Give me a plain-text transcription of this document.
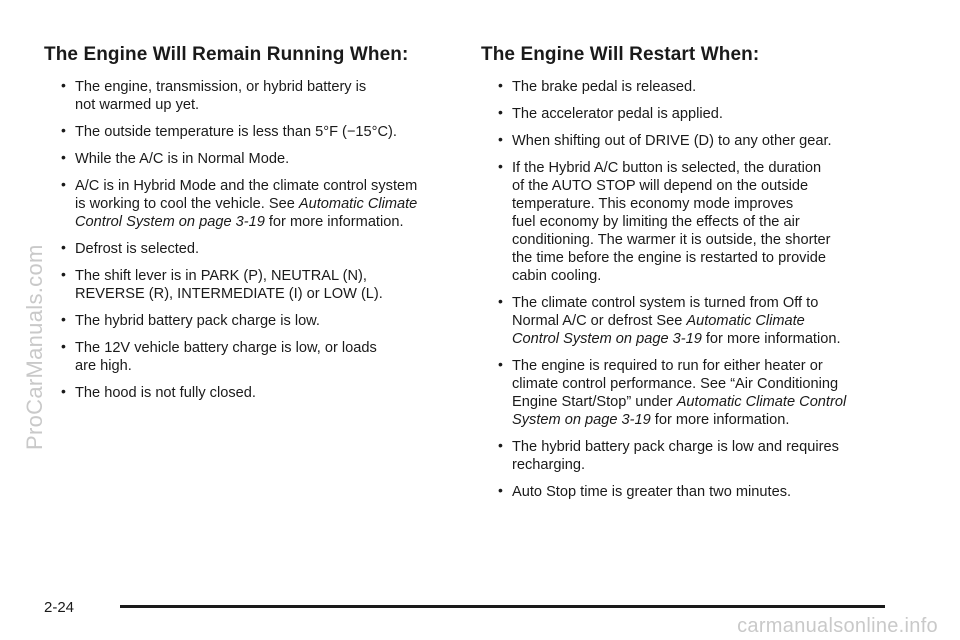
ProCarManuals.com
The Engine Will Remain Running When:
• The engine, transmission, or hybrid battery is
not warmed up yet.
• The outside temperature is less than 5°F (−15°C).
• While the A/C is in Normal Mode.
• A/C is in Hybrid Mode and the climate control system
is working to cool the vehicle. See Automatic Climate
Control System on page 3-19 for more information.
• Defrost is selected.
• The shift lever is in PARK (P), NEUTRAL (N),
REVERSE (R), INTERMEDIATE (I) or LOW (L).
• The hybrid battery pack charge is low.
• The 12V vehicle battery charge is low, or loads
are high.
• The hood is not fully closed.
The Engine Will Restart When:
• The brake pedal is released.
• The accelerator pedal is applied.
• When shifting out of DRIVE (D) to any other gear.
• If the Hybrid A/C button is selected, the duration
of the AUTO STOP will depend on the outside
temperature. This economy mode improves
fuel economy by limiting the effects of the air
conditioning. The warmer it is outside, the shorter
the time before the engine is restarted to provide
cabin cooling.
• The climate control system is turned from Off to
Normal A/C or defrost See Automatic Climate
Control System on page 3-19 for more information.
• The engine is required to run for either heater or
climate control performance. See “Air Conditioning
Engine Start/Stop” under Automatic Climate Control
System on page 3-19 for more information.
• The hybrid battery pack charge is low and requires
recharging.
• Auto Stop time is greater than two minutes.
2-24
carmanualsonline.info
